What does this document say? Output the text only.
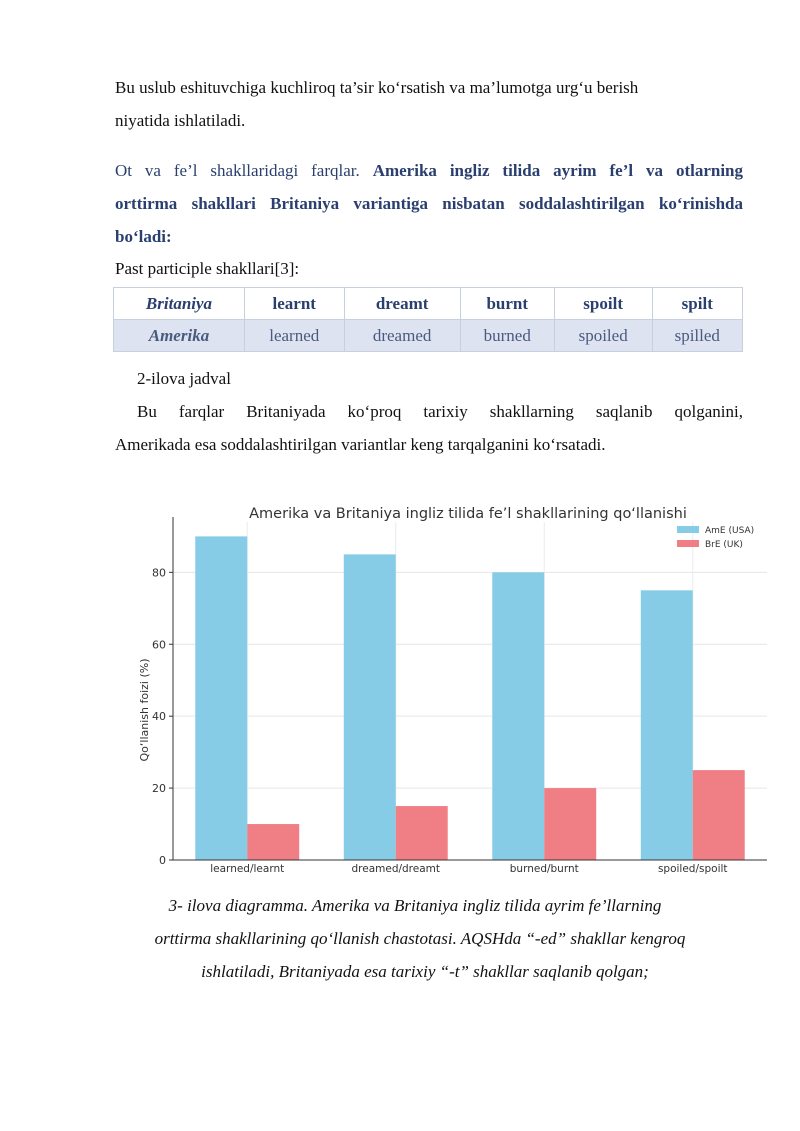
Bu uslub eshituvchiga kuchliroq ta’sir ko‘rsatish va ma’lumotga urg‘u berish

niyatida ishlatiladi.

Ot va fe’l shakllaridagi farqlar. Amerika ingliz tilida ayrim fe’l va otlarning

orttirma shakllari Britaniya variantiga nisbatan soddalashtirilgan ko‘rinishda

bo‘ladi:

Past participle shakllari[3]:

Britaniya	learnt	dreamt	burnt	spoilt	spilt
Amerika	learned	dreamed	burned	spoiled	spilled

2-ilova jadval

Bu farqlar Britaniyada ko‘proq tarixiy shakllarning saqlanib qolganini,

Amerikada esa soddalashtirilgan variantlar keng tarqalganini ko‘rsatadi.

Amerika va Britaniya ingliz tilida fe’l shakllarining qo‘llanishi
0
20
40
60
80
learned/learnt	dreamed/dreamt	burned/burnt	spoiled/spoilt
Qo‘llanish foizi (%)
AmE (USA)
BrE (UK)
3- ilova diagramma. Amerika va Britaniya ingliz tilida ayrim fe’llarning
orttirma shakllarining qo‘llanish chastotasi. AQSHda “-ed” shakllar kengroq
ishlatiladi, Britaniyada esa tarixiy “-t” shakllar saqlanib qolgan;
